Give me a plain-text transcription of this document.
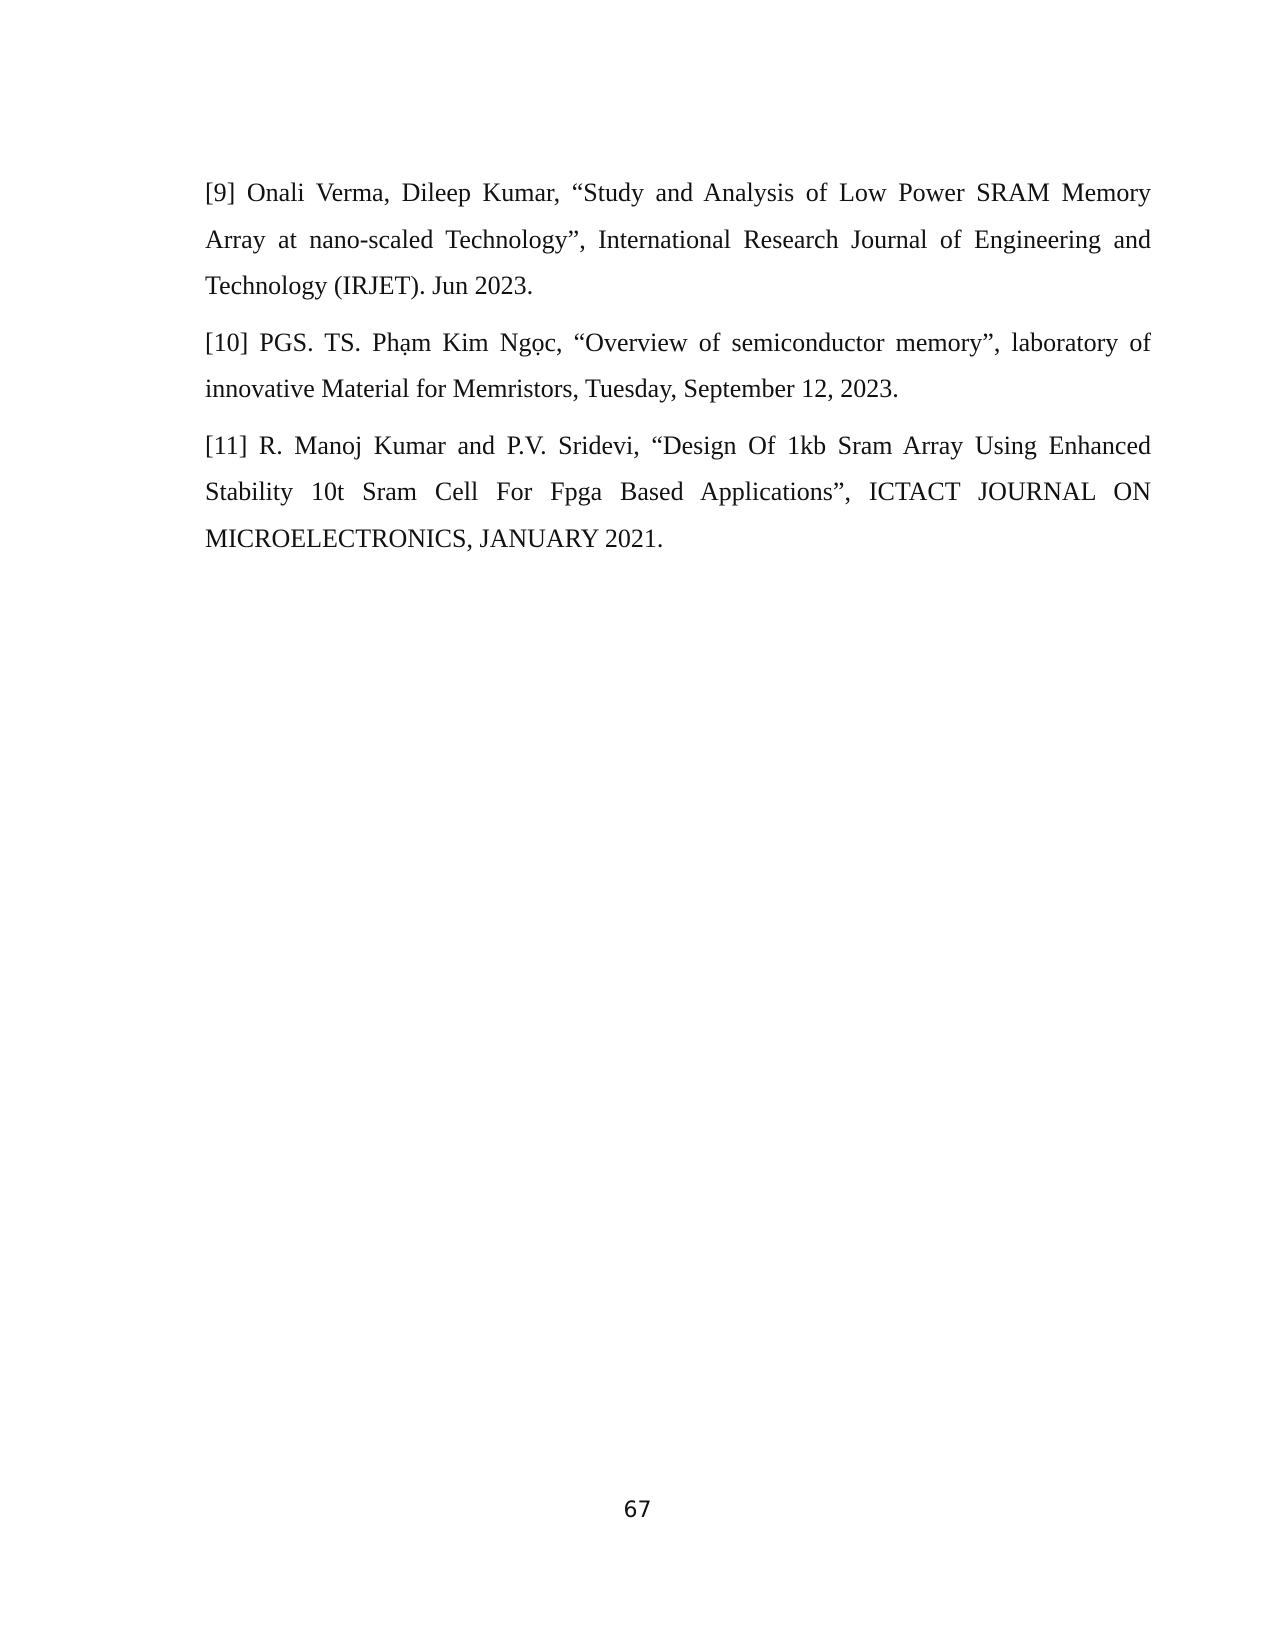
[9] Onali Verma, Dileep Kumar, “Study and Analysis of Low Power SRAM Memory Array at nano-scaled Technology”, International Research Journal of Engineering and Technology (IRJET). Jun 2023.

[10] PGS. TS. Phạm Kim Ngọc, “Overview of semiconductor memory”, laboratory of innovative Material for Memristors, Tuesday, September 12, 2023.

[11] R. Manoj Kumar and P.V. Sridevi, “Design Of 1kb Sram Array Using Enhanced Stability 10t Sram Cell For Fpga Based Applications”, ICTACT JOURNAL ON MICROELECTRONICS, JANUARY 2021.

67
